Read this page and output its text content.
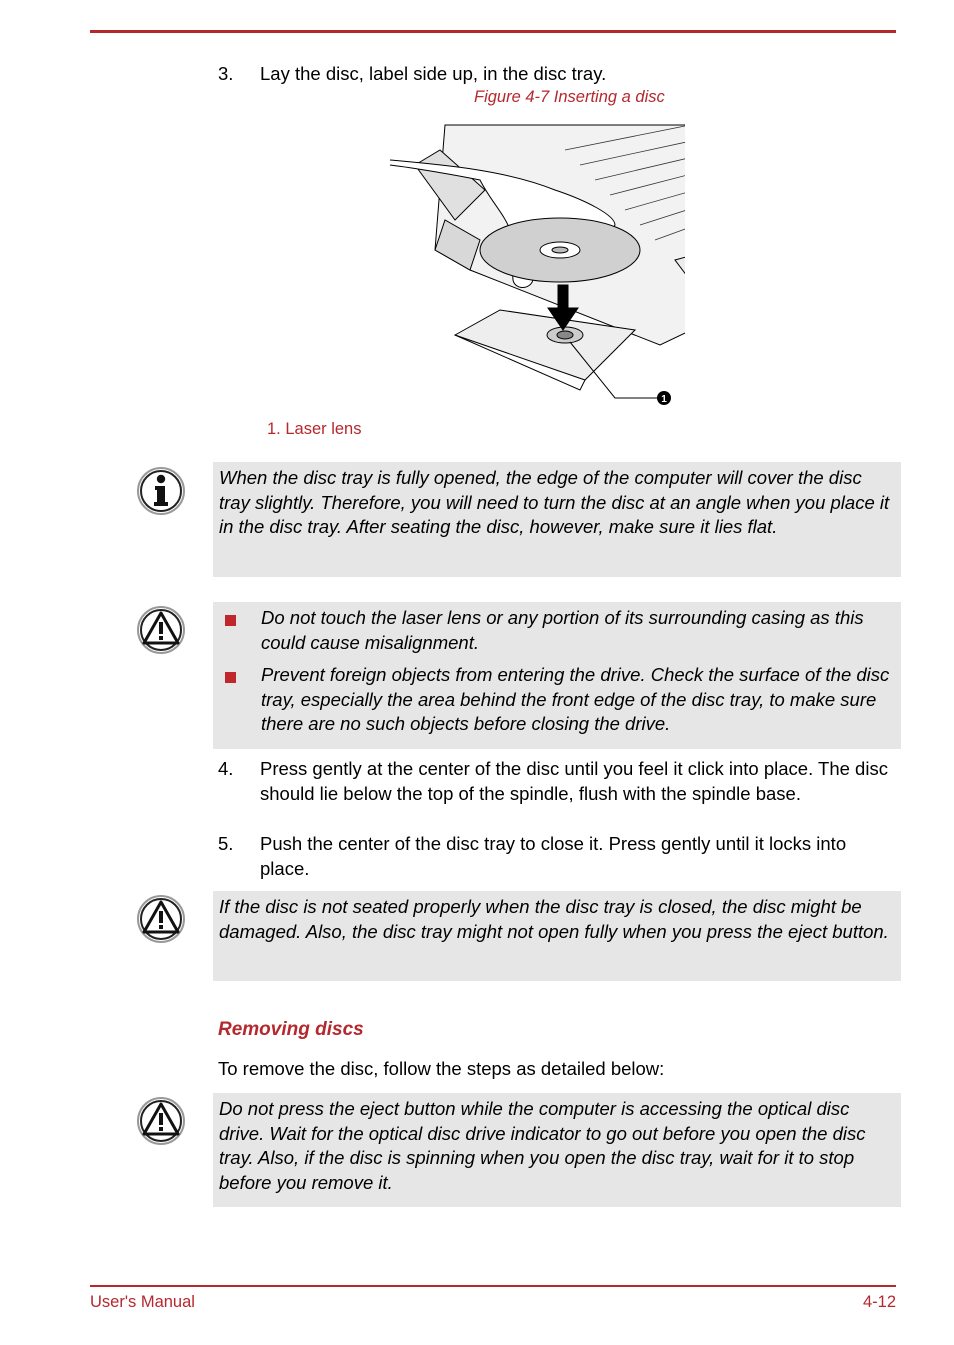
3. Lay the disc, label side up, in the disc tray.
Figure 4-7 Inserting a disc
1
1. Laser lens
When the disc tray is fully opened, the edge of the computer will cover the disc tray slightly. Therefore, you will need to turn the disc at an angle when you place it in the disc tray. After seating the disc, however, make sure it lies flat.
Do not touch the laser lens or any portion of its surrounding casing as this could cause misalignment.
Prevent foreign objects from entering the drive. Check the surface of the disc tray, especially the area behind the front edge of the disc tray, to make sure there are no such objects before closing the drive.
4. Press gently at the center of the disc until you feel it click into place. The disc should lie below the top of the spindle, flush with the spindle base.
5. Push the center of the disc tray to close it. Press gently until it locks into place.
If the disc is not seated properly when the disc tray is closed, the disc might be damaged. Also, the disc tray might not open fully when you press the eject button.
Removing discs
To remove the disc, follow the steps as detailed below:
Do not press the eject button while the computer is accessing the optical disc drive. Wait for the optical disc drive indicator to go out before you open the disc tray. Also, if the disc is spinning when you open the disc tray, wait for it to stop before you remove it.
User's Manual	4-12
